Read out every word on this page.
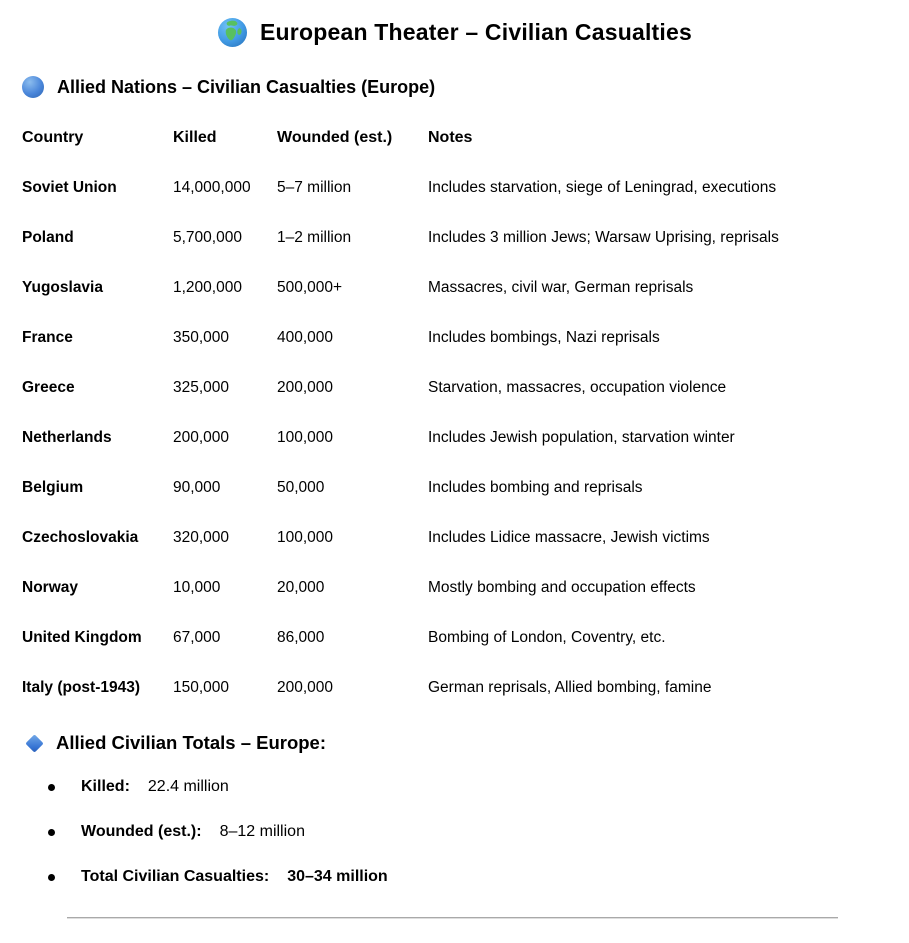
European Theater – Civilian Casualties
Allied Nations – Civilian Casualties (Europe)
Country	Killed	Wounded (est.)	Notes
Soviet Union	14,000,000	5–7 million	Includes starvation, siege of Leningrad, executions
Poland	5,700,000	1–2 million	Includes 3 million Jews; Warsaw Uprising, reprisals
Yugoslavia	1,200,000	500,000+	Massacres, civil war, German reprisals
France	350,000	400,000	Includes bombings, Nazi reprisals
Greece	325,000	200,000	Starvation, massacres, occupation violence
Netherlands	200,000	100,000	Includes Jewish population, starvation winter
Belgium	90,000	50,000	Includes bombing and reprisals
Czechoslovakia	320,000	100,000	Includes Lidice massacre, Jewish victims
Norway	10,000	20,000	Mostly bombing and occupation effects
United Kingdom	67,000	86,000	Bombing of London, Coventry, etc.
Italy (post-1943)	150,000	200,000	German reprisals, Allied bombing, famine
Allied Civilian Totals – Europe:
Killed: 22.4 million
Wounded (est.): 8–12 million
Total Civilian Casualties: 30–34 million
